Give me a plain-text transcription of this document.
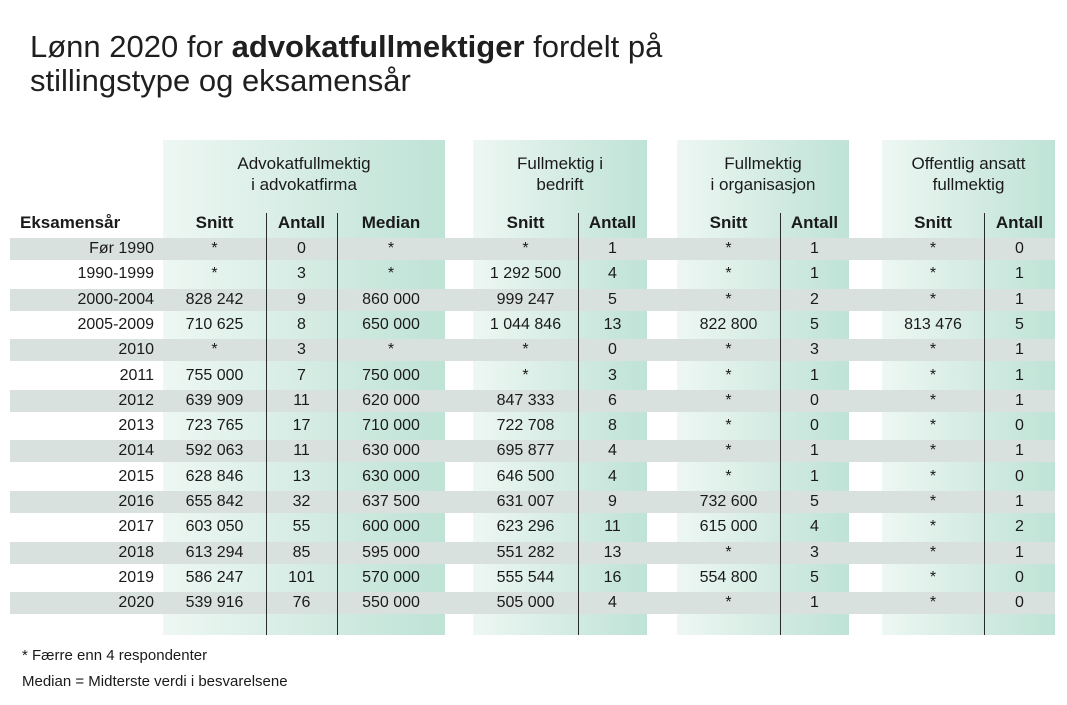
Lønn 2020 for advokatfullmektiger fordelt på
stillingstype og eksamensår
Advokatfullmektig
i advokatfirma
Fullmektig i
bedrift
Fullmektig
i organisasjon
Offentlig ansatt
fullmektig
Eksamensår	Snitt	Antall	Median	Snitt	Antall	Snitt	Antall	Snitt	Antall
Før 1990	*	0	*	*	1	*	1	*	0
1990-1999	*	3	*	1 292 500	4	*	1	*	1
2000-2004	828 242	9	860 000	999 247	5	*	2	*	1
2005-2009	710 625	8	650 000	1 044 846	13	822 800	5	813 476	5
2010	*	3	*	*	0	*	3	*	1
2011	755 000	7	750 000	*	3	*	1	*	1
2012	639 909	11	620 000	847 333	6	*	0	*	1
2013	723 765	17	710 000	722 708	8	*	0	*	0
2014	592 063	11	630 000	695 877	4	*	1	*	1
2015	628 846	13	630 000	646 500	4	*	1	*	0
2016	655 842	32	637 500	631 007	9	732 600	5	*	1
2017	603 050	55	600 000	623 296	11	615 000	4	*	2
2018	613 294	85	595 000	551 282	13	*	3	*	1
2019	586 247	101	570 000	555 544	16	554 800	5	*	0
2020	539 916	76	550 000	505 000	4	*	1	*	0
* Færre enn 4 respondenter
Median = Midterste verdi i besvarelsene
